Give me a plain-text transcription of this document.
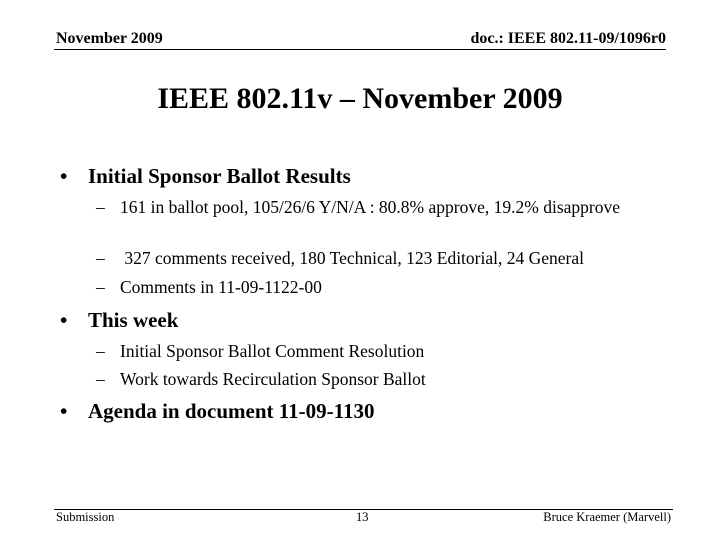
November 2009	doc.: IEEE 802.11-09/1096r0
IEEE 802.11v – November 2009
• Initial Sponsor Ballot Results
– 161 in ballot pool, 105/26/6 Y/N/A : 80.8% approve, 19.2% disapprove
– 327 comments received, 180 Technical, 123 Editorial, 24 General
– Comments in 11-09-1122-00
• This week
– Initial Sponsor Ballot Comment Resolution
– Work towards Recirculation Sponsor Ballot
• Agenda in document 11-09-1130
Submission	13	Bruce Kraemer (Marvell)
